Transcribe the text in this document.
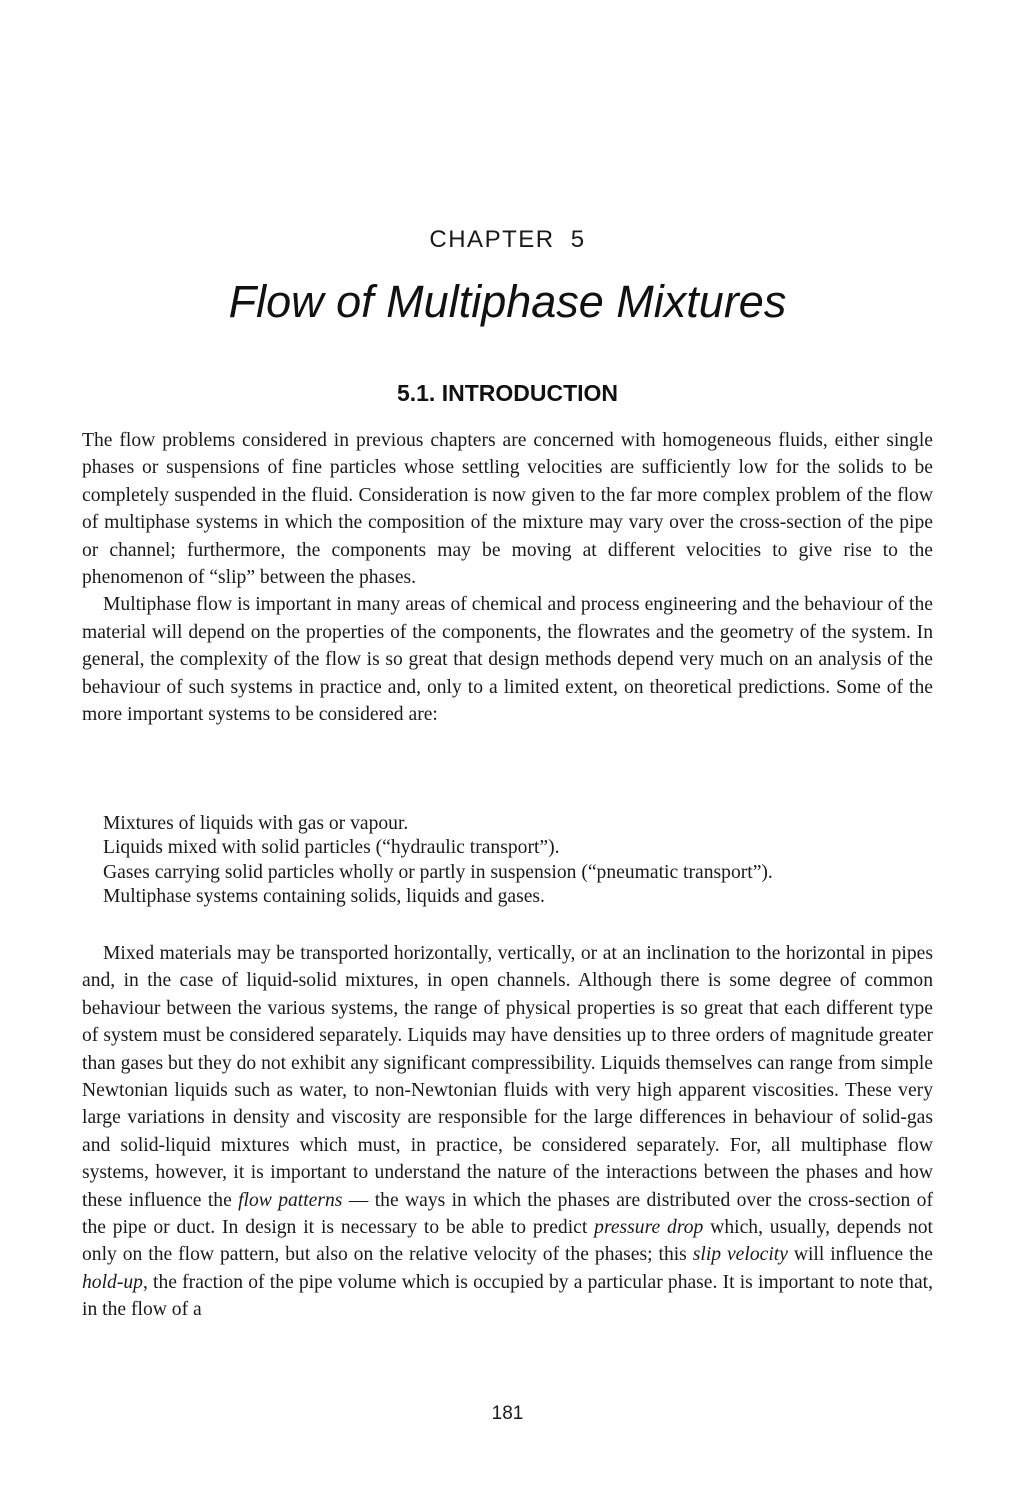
CHAPTER 5
Flow of Multiphase Mixtures
5.1. INTRODUCTION

The flow problems considered in previous chapters are concerned with homogeneous fluids, either single phases or suspensions of fine particles whose settling velocities are sufficiently low for the solids to be completely suspended in the fluid. Consideration is now given to the far more complex problem of the flow of multiphase systems in which the composition of the mixture may vary over the cross-section of the pipe or channel; furthermore, the components may be moving at different velocities to give rise to the phenomenon of “slip” between the phases.

Multiphase flow is important in many areas of chemical and process engineering and the behaviour of the material will depend on the properties of the components, the flowrates and the geometry of the system. In general, the complexity of the flow is so great that design methods depend very much on an analysis of the behaviour of such systems in practice and, only to a limited extent, on theoretical predictions. Some of the more important systems to be considered are:

Mixtures of liquids with gas or vapour.
Liquids mixed with solid particles (“hydraulic transport”).
Gases carrying solid particles wholly or partly in suspension (“pneumatic transport”).
Multiphase systems containing solids, liquids and gases.

Mixed materials may be transported horizontally, vertically, or at an inclination to the horizontal in pipes and, in the case of liquid-solid mixtures, in open channels. Although there is some degree of common behaviour between the various systems, the range of physical properties is so great that each different type of system must be considered separately. Liquids may have densities up to three orders of magnitude greater than gases but they do not exhibit any significant compressibility. Liquids themselves can range from simple Newtonian liquids such as water, to non-Newtonian fluids with very high apparent viscosities. These very large variations in density and viscosity are responsible for the large differences in behaviour of solid-gas and solid-liquid mixtures which must, in practice, be considered separately. For, all multiphase flow systems, however, it is important to understand the nature of the interactions between the phases and how these influence the flow patterns — the ways in which the phases are distributed over the cross-section of the pipe or duct. In design it is necessary to be able to predict pressure drop which, usually, depends not only on the flow pattern, but also on the relative velocity of the phases; this slip velocity will influence the hold-up, the fraction of the pipe volume which is occupied by a particular phase. It is important to note that, in the flow of a

181
